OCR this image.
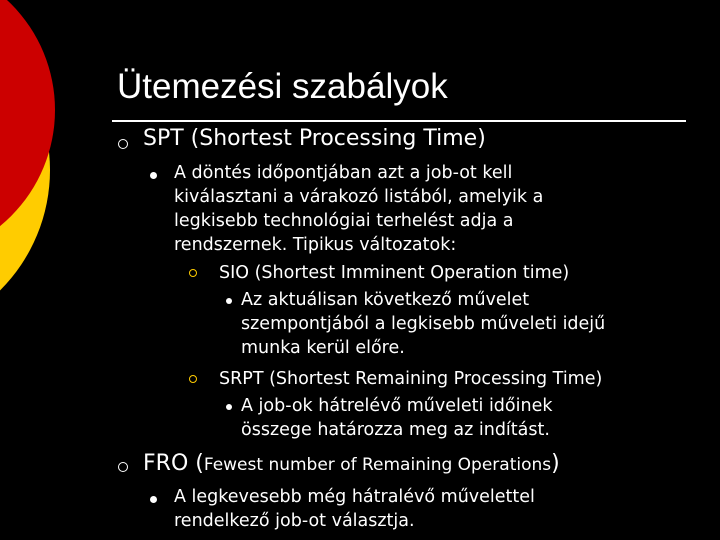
Ütemezési szabályok
SPT (Shortest Processing Time)
A döntés időpontjában azt a job-ot kell
kiválasztani a várakozó listából, amelyik a
legkisebb technológiai terhelést adja a
rendszernek. Tipikus változatok:
SIO (Shortest Imminent Operation time)
Az aktuálisan következő művelet
szempontjából a legkisebb műveleti idejű
munka kerül előre.
SRPT (Shortest Remaining Processing Time)
A job-ok hátrelévő műveleti időinek
összege határozza meg az indítást.
FRO (Fewest number of Remaining Operations)
A legkevesebb még hátralévő művelettel
rendelkező job-ot választja.
